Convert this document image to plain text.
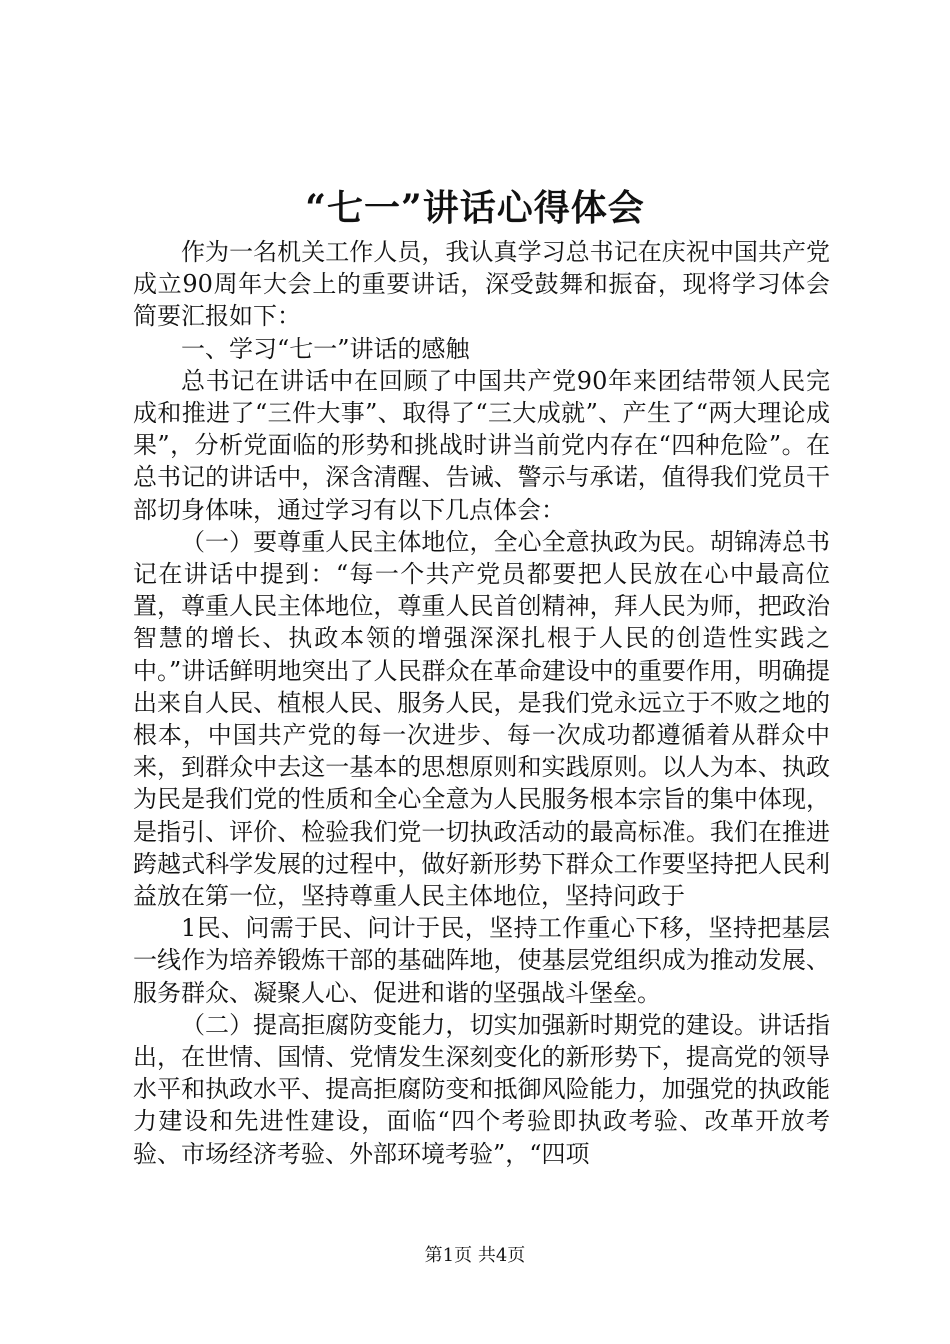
“七一”讲话心得体会

作为一名机关工作人员，我认真学习总书记在庆祝中国共产党成立90周年大会上的重要讲话，深受鼓舞和振奋，现将学习体会简要汇报如下：

一、学习“七一”讲话的感触

总书记在讲话中在回顾了中国共产党90年来团结带领人民完成和推进了“三件大事”、取得了“三大成就”、产生了“两大理论成果”，分析党面临的形势和挑战时讲当前党内存在“四种危险”。在总书记的讲话中，深含清醒、告诫、警示与承诺，值得我们党员干部切身体味，通过学习有以下几点体会：

（一）要尊重人民主体地位，全心全意执政为民。胡锦涛总书记在讲话中提到：“每一个共产党员都要把人民放在心中最高位置，尊重人民主体地位，尊重人民首创精神，拜人民为师，把政治智慧的增长、执政本领的增强深深扎根于人民的创造性实践之中。”讲话鲜明地突出了人民群众在革命建设中的重要作用，明确提出来自人民、植根人民、服务人民，是我们党永远立于不败之地的根本，中国共产党的每一次进步、每一次成功都遵循着从群众中来，到群众中去这一基本的思想原则和实践原则。以人为本、执政为民是我们党的性质和全心全意为人民服务根本宗旨的集中体现，是指引、评价、检验我们党一切执政活动的最高标准。我们在推进跨越式科学发展的过程中，做好新形势下群众工作要坚持把人民利益放在第一位，坚持尊重人民主体地位，坚持问政于

1民、问需于民、问计于民，坚持工作重心下移，坚持把基层一线作为培养锻炼干部的基础阵地，使基层党组织成为推动发展、服务群众、凝聚人心、促进和谐的坚强战斗堡垒。

（二）提高拒腐防变能力，切实加强新时期党的建设。讲话指出，在世情、国情、党情发生深刻变化的新形势下，提高党的领导水平和执政水平、提高拒腐防变和抵御风险能力，加强党的执政能力建设和先进性建设，面临“四个考验即执政考验、改革开放考验、市场经济考验、外部环境考验”，“四项

第1页 共4页
